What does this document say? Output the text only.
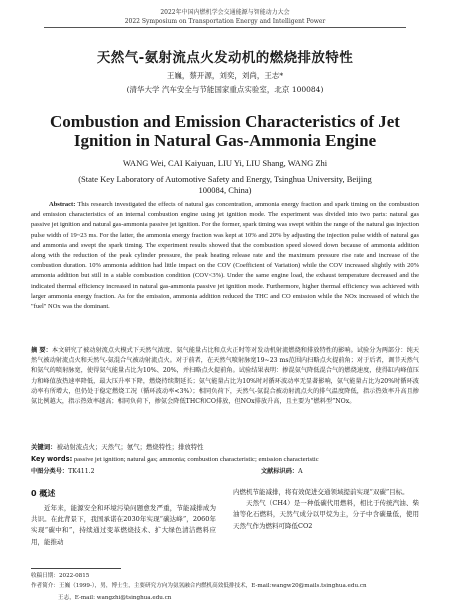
2022年中国内燃机学会交通能源与智能动力大会
2022 Symposium on Transportation Energy and Intelligent Power
天然气-氨射流点火发动机的燃烧排放特性
王巍，蔡开源，刘奕，刘尚，王志*
(清华大学 汽车安全与节能国家重点实验室，北京 100084)
Combustion and Emission Characteristics of Jet Ignition in Natural Gas-Ammonia Engine
WANG Wei, CAI Kaiyuan, LIU Yi, LIU Shang, WANG Zhi
(State Key Laboratory of Automotive Safety and Energy, Tsinghua University, Beijing 100084, China)
Abstract: This research investigated the effects of natural gas concentration, ammonia energy fraction and spark timing on the combustion and emission characteristics of an internal combustion engine using jet ignition mode. The experiment was divided into two parts: natural gas passive jet ignition and natural gas-ammonia passive jet ignition. For the former, spark timing was swept within the range of the natural gas injection pulse width of 19~23 ms. For the latter, the ammonia energy fraction was kept at 10% and 20% by adjusting the injection pulse width of natural gas and ammonia and swept the spark timing. The experiment results showed that the combustion speed slowed down because of ammonia addition along with the reduction of the peak cylinder pressure, the peak heating release rate and the maximum pressure rise rate and increase of the combustion duration. 10% ammonia addition had little impact on the COV (Coefficient of Variation) while the COV increased slightly with 20% ammonia addition but still in a stable combustion condition (COV<3%). Under the same engine load, the exhaust temperature decreased and the indicated thermal efficiency increased in natural gas-ammonia passive jet ignition mode. Furthermore, higher thermal efficiency was achieved with larger ammonia energy fraction. As for the emission, ammonia addition reduced the THC and CO emission while the NOx increased of which the "fuel" NOx was the dominant.
摘 要：本文研究了被动射流点火模式下天然气浓度、氨气能量占比和点火正时等对发动机射流燃烧和排放特性的影响。试验分为两部分：纯天然气被动射流点火和天然气-氨混合气被动射流点火。对于前者，在天然气喷射脉宽19~23 ms范围内扫略点火提前角；对于后者，调节天然气和氨气的喷射脉宽，使得氨气能量占比为10%、20%，并扫略点火提前角。试验结果表明：掺混氨气降低混合气的燃烧速度，使得缸内峰值压力和峰值放热速率降低，最大压升率下降，燃烧持续期延长；氨气能量占比为10%时对循环波动率无显著影响，氨气能量占比为20%时循环波动率有所增大，但仍处于稳定燃烧工况（循环波动率<3%）；相同负荷下，天然气-氨混合被动射流点火的排气温度降低，指示热效率升高且掺氨比例越大，指示热效率越高；相同负荷下，掺氨会降低THC和CO排放，但NOx排放升高，且主要为“燃料型”NOx。
关键词：被动射流点火；天然气；氨气；燃烧特性；排放特性
Key words: passive jet ignition; natural gas; ammonia; combustion characteristic; emission characteristic
中图分类号：TK411.2	文献标识码：A
0 概述
近年来，能源安全和环境污染问题愈发严重，节能减排成为共识。在此背景下，我国承诺在2030年实现“碳达峰”，2060年实现“碳中和”，持续通过变革燃烧技术、扩大绿色清洁燃料应用，能推动
内燃机节能减排，将有效促进交通领域提前实现“双碳”目标。
天然气（CH4）是一种低碳代用燃料，相比于传统汽油、柴油等化石燃料，天然气成分以甲烷为主，分子中含碳量低，使用天然气作为燃料可降低CO2
收稿日期：2022-0815
作者简介：王巍（1999-），男，博士生，主要研究方向为氨氢融合内燃机高效低排技术，E-mail:wangw20@mails.tsinghua.edu.cn
王志，E-mail: wangzhi@tsinghua.edu.cn
